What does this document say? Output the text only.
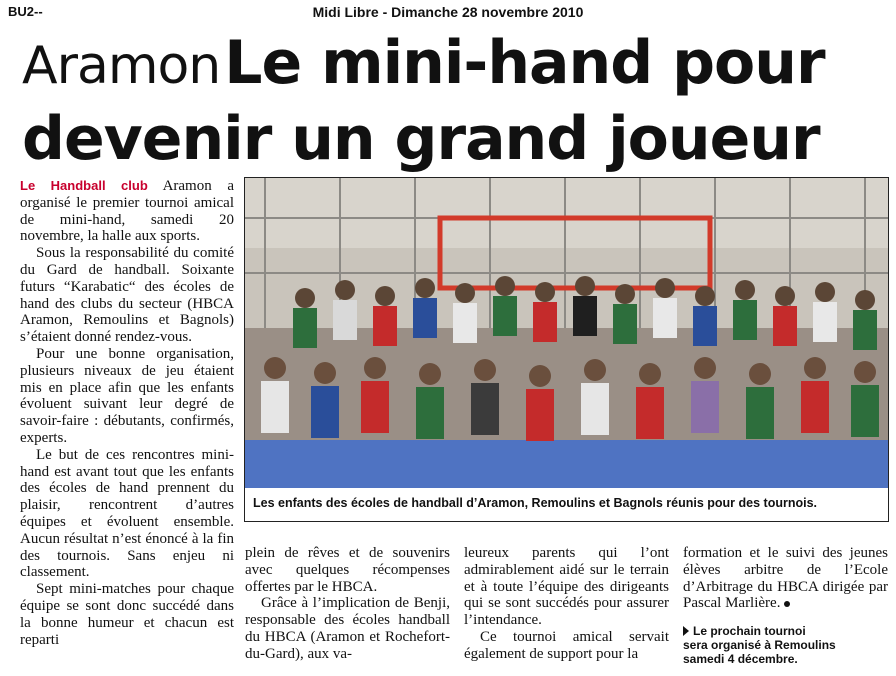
BU2--	Midi Libre - Dimanche 28 novembre 2010
Aramon Le mini-hand pour
devenir un grand joueur

Le Handball club Aramon a organisé le premier tournoi amical de mini-hand, samedi 20 novembre, la halle aux sports.

Sous la responsabilité du comité du Gard de handball. Soixante futurs “Karabatic“ des écoles de hand des clubs du secteur (HBCA Aramon, Remoulins et Bagnols) s’étaient donné rendez-vous.

Pour une bonne organisation, plusieurs niveaux de jeu étaient mis en place afin que les enfants évoluent suivant leur degré de savoir-faire : débutants, confirmés, experts.

Le but de ces rencontres mini-hand est avant tout que les enfants des écoles de hand prennent du plaisir, rencontrent d’autres équipes et évoluent ensemble. Aucun résultat n’est énoncé à la fin des tournois. Sans enjeu ni classement.

Sept mini-matches pour chaque équipe se sont donc succédé dans la bonne humeur et chacun est reparti

Les enfants des écoles de handball d’Aramon, Remoulins et Bagnols réunis pour des tournois.

plein de rêves et de souvenirs avec quelques récompenses offertes par le HBCA.

Grâce à l’implication de Benji, responsable des écoles handball du HBCA (Aramon et Rochefort-du-Gard), aux va-

leureux parents qui l’ont admirablement aidé sur le terrain et à toute l’équipe des dirigeants qui se sont succédés pour assurer l’intendance.

Ce tournoi amical servait également de support pour la

formation et le suivi des jeunes élèves arbitre de l’Ecole d’Arbitrage du HBCA dirigée par Pascal Marlière.

Le prochain tournoi
sera organisé à Remoulins
samedi 4 décembre.
